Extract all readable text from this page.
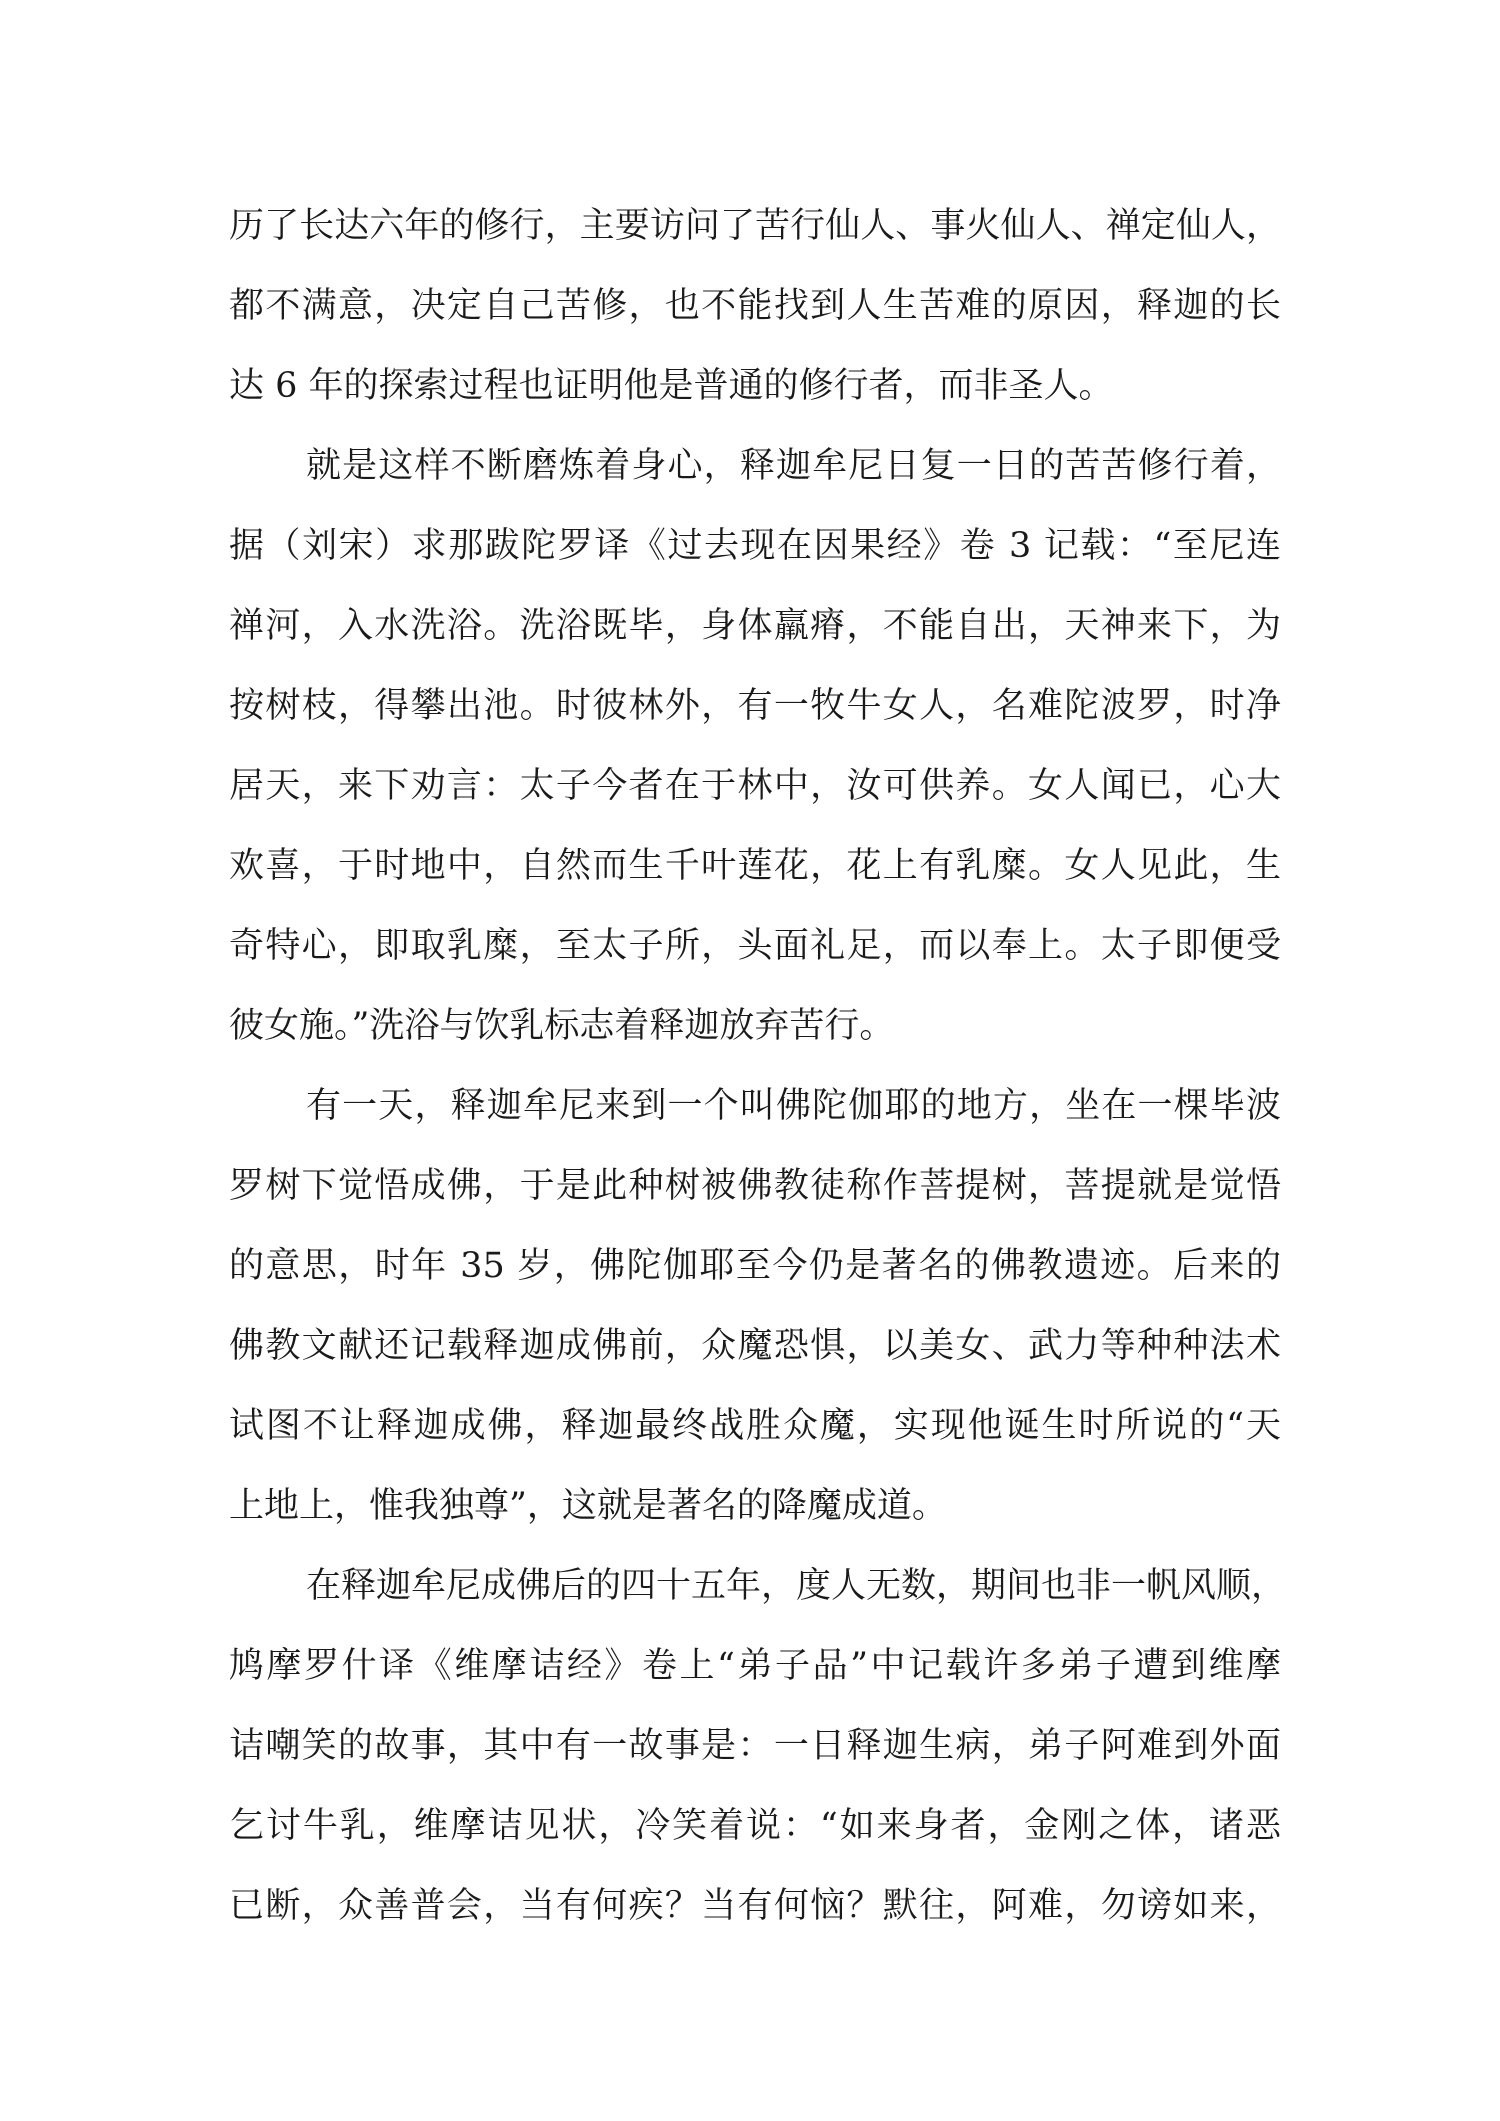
历了长达六年的修行，主要访问了苦行仙人、事火仙人、禅定仙人，
都不满意，决定自己苦修，也不能找到人生苦难的原因，释迦的长
达 6 年的探索过程也证明他是普通的修行者，而非圣人。
就是这样不断磨炼着身心，释迦牟尼日复一日的苦苦修行着，
据（刘宋）求那跋陀罗译《过去现在因果经》卷 3 记载：“至尼连
禅河，入水洗浴。洗浴既毕，身体羸瘠，不能自出，天神来下，为
按树枝，得攀出池。时彼林外，有一牧牛女人，名难陀波罗，时净
居天，来下劝言：太子今者在于林中，汝可供养。女人闻已，心大
欢喜，于时地中，自然而生千叶莲花，花上有乳糜。女人见此，生
奇特心，即取乳糜，至太子所，头面礼足，而以奉上。太子即便受
彼女施。”洗浴与饮乳标志着释迦放弃苦行。
有一天，释迦牟尼来到一个叫佛陀伽耶的地方，坐在一棵毕波
罗树下觉悟成佛，于是此种树被佛教徒称作菩提树，菩提就是觉悟
的意思，时年 35 岁，佛陀伽耶至今仍是著名的佛教遗迹。后来的
佛教文献还记载释迦成佛前，众魔恐惧，以美女、武力等种种法术
试图不让释迦成佛，释迦最终战胜众魔，实现他诞生时所说的“天
上地上，惟我独尊”，这就是著名的降魔成道。
在释迦牟尼成佛后的四十五年，度人无数，期间也非一帆风顺，
鸠摩罗什译《维摩诘经》卷上“弟子品”中记载许多弟子遭到维摩
诘嘲笑的故事，其中有一故事是：一日释迦生病，弟子阿难到外面
乞讨牛乳，维摩诘见状，冷笑着说：“如来身者，金刚之体，诸恶
已断，众善普会，当有何疾？当有何恼？默往，阿难，勿谤如来，
